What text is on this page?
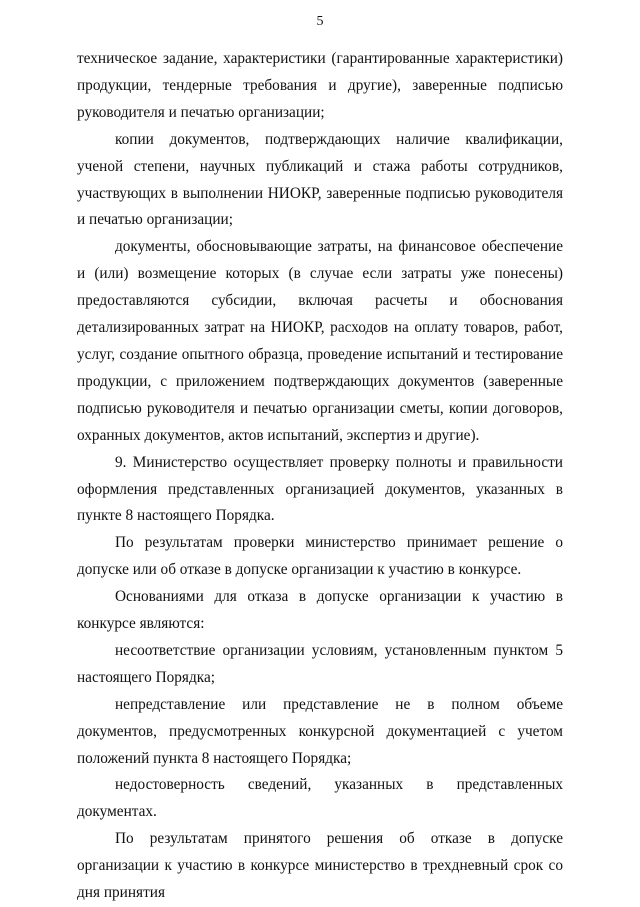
5

техническое задание, характеристики (гарантированные характеристики) продукции, тендерные требования и другие), заверенные подписью руководителя и печатью организации;

копии документов, подтверждающих наличие квалификации, ученой степени, научных публикаций и стажа работы сотрудников, участвующих в выполнении НИОКР, заверенные подписью руководителя и печатью организации;

документы, обосновывающие затраты, на финансовое обеспечение и (или) возмещение которых (в случае если затраты уже понесены) предоставляются субсидии, включая расчеты и обоснования детализированных затрат на НИОКР, расходов на оплату товаров, работ, услуг, создание опытного образца, проведение испытаний и тестирование продукции, с приложением подтверждающих документов (заверенные подписью руководителя и печатью организации сметы, копии договоров, охранных документов, актов испытаний, экспертиз и другие).

9. Министерство осуществляет проверку полноты и правильности оформления представленных организацией документов, указанных в пункте 8 настоящего Порядка.

По результатам проверки министерство принимает решение о допуске или об отказе в допуске организации к участию в конкурсе.

Основаниями для отказа в допуске организации к участию в конкурсе являются:

несоответствие организации условиям, установленным пунктом 5 настоящего Порядка;

непредставление или представление не в полном объеме документов, предусмотренных конкурсной документацией с учетом положений пункта 8 настоящего Порядка;

недостоверность сведений, указанных в представленных документах.

По результатам принятого решения об отказе в допуске организации к участию в конкурсе министерство в трехдневный срок со дня принятия
